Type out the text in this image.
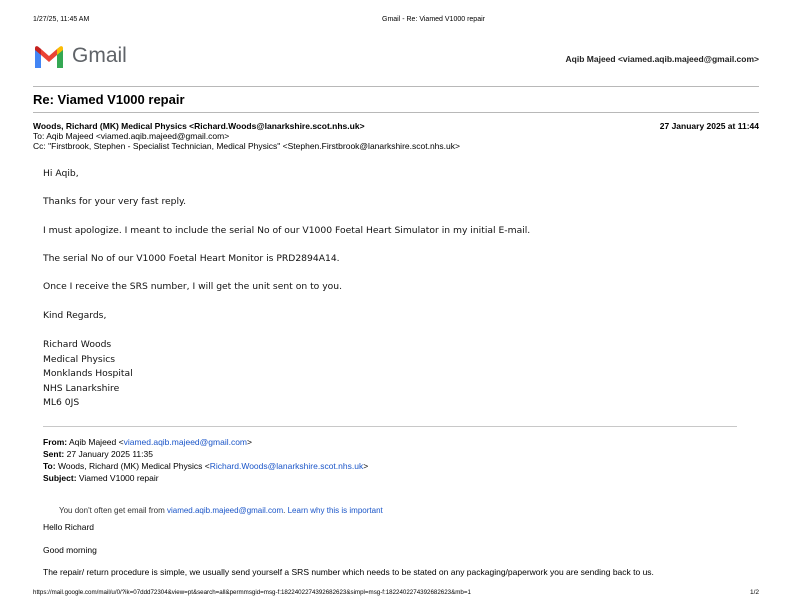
1/27/25, 11:45 AM	Gmail - Re: Viamed V1000 repair
Gmail	Aqib Majeed <viamed.aqib.majeed@gmail.com>
Re: Viamed V1000 repair
Woods, Richard (MK) Medical Physics <Richard.Woods@lanarkshire.scot.nhs.uk>	27 January 2025 at 11:44
To: Aqib Majeed <viamed.aqib.majeed@gmail.com>
Cc: "Firstbrook, Stephen - Specialist Technician, Medical Physics" <Stephen.Firstbrook@lanarkshire.scot.nhs.uk>
Hi Aqib,
Thanks for your very fast reply.
I must apologize. I meant to include the serial No of our V1000 Foetal Heart Simulator in my initial E-mail.
The serial No of our V1000 Foetal Heart Monitor is PRD2894A14.
Once I receive the SRS number, I will get the unit sent on to you.
Kind Regards,
Richard Woods
Medical Physics
Monklands Hospital
NHS Lanarkshire
ML6 0JS
From: Aqib Majeed <viamed.aqib.majeed@gmail.com>
Sent: 27 January 2025 11:35
To: Woods, Richard (MK) Medical Physics <Richard.Woods@lanarkshire.scot.nhs.uk>
Subject: Viamed V1000 repair
You don't often get email from viamed.aqib.majeed@gmail.com. Learn why this is important
Hello Richard
Good morning
The repair/ return procedure is simple, we usually send yourself a SRS number which needs to be stated on any packaging/paperwork you are sending back to us.
https://mail.google.com/mail/u/0/?ik=07ddd72304&view=pt&search=all&permmsgid=msg-f:1822402274392682623&simpl=msg-f:1822402274392682623&mb=1	1/2
